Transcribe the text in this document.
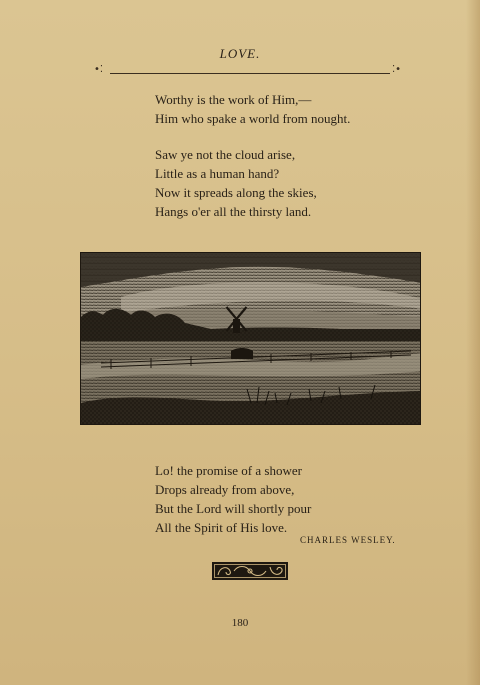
LOVE.
•⁚	⁚•
Worthy is the work of Him,—
Him who spake a world from nought.
Saw ye not the cloud arise,
Little as a human hand?
Now it spreads along the skies,
Hangs o'er all the thirsty land.
Lo! the promise of a shower
Drops already from above,
But the Lord will shortly pour
All the Spirit of His love.
CHARLES WESLEY.
180
